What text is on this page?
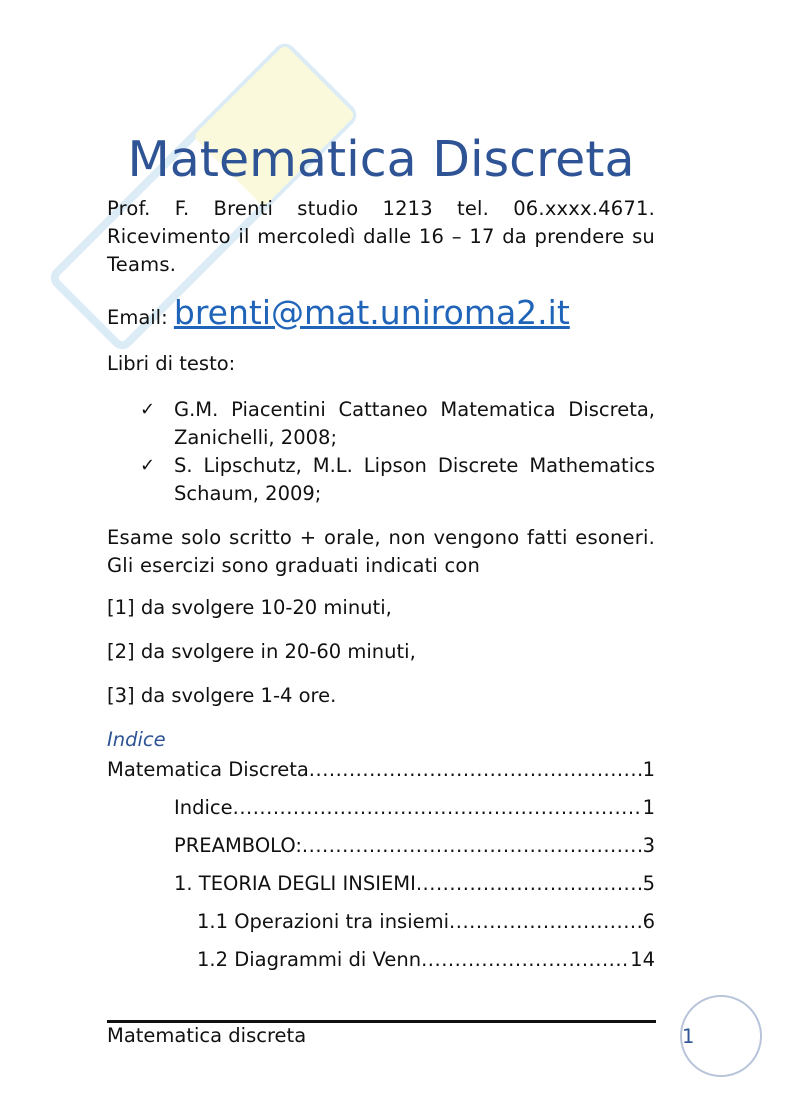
Matematica Discreta
Prof. F. Brenti studio 1213 tel. 06.xxxx.4671. Ricevimento il mercoledì dalle 16 – 17 da prendere su Teams.
Email: brenti@mat.uniroma2.it
Libri di testo:
✓ G.M. Piacentini Cattaneo Matematica Discreta, Zanichelli, 2008;
✓ S. Lipschutz, M.L. Lipson Discrete Mathematics Schaum, 2009;
Esame solo scritto + orale, non vengono fatti esoneri. Gli esercizi sono graduati indicati con
[1] da svolgere 10-20 minuti,
[2] da svolgere in 20-60 minuti,
[3] da svolgere 1-4 ore.
Indice
Matematica Discreta .....	1
Indice .....	1
PREAMBOLO: .....	3
1. TEORIA DEGLI INSIEMI .....	5
1.1 Operazioni tra insiemi .....	6
1.2 Diagrammi di Venn .....	14
Matematica discreta	1
